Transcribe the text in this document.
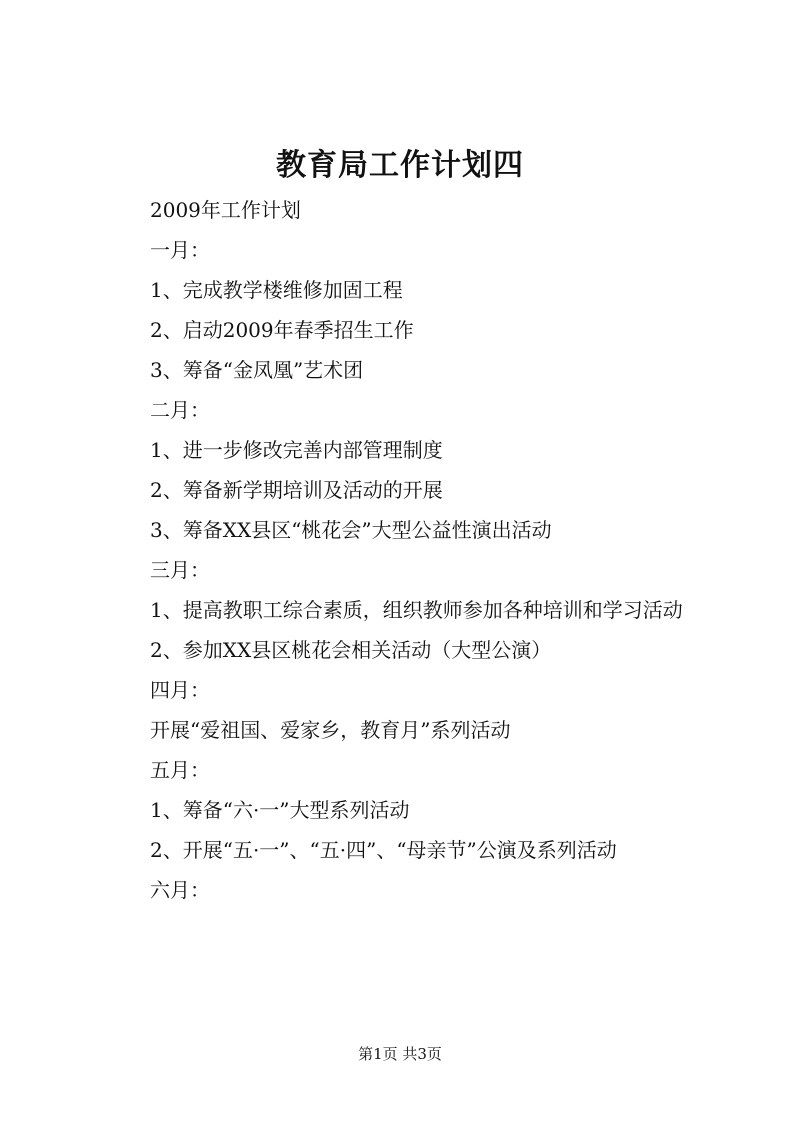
教育局工作计划四

2009年工作计划

一月：

1、完成教学楼维修加固工程

2、启动2009年春季招生工作

3、筹备“金凤凰”艺术团

二月：

1、进一步修改完善内部管理制度

2、筹备新学期培训及活动的开展

3、筹备XX县区“桃花会”大型公益性演出活动

三月：

1、提高教职工综合素质，组织教师参加各种培训和学习活动

2、参加XX县区桃花会相关活动（大型公演）

四月：

开展“爱祖国、爱家乡，教育月”系列活动

五月：

1、筹备“六·一”大型系列活动

2、开展“五·一”、“五·四”、“母亲节”公演及系列活动

六月：

第1页 共3页
